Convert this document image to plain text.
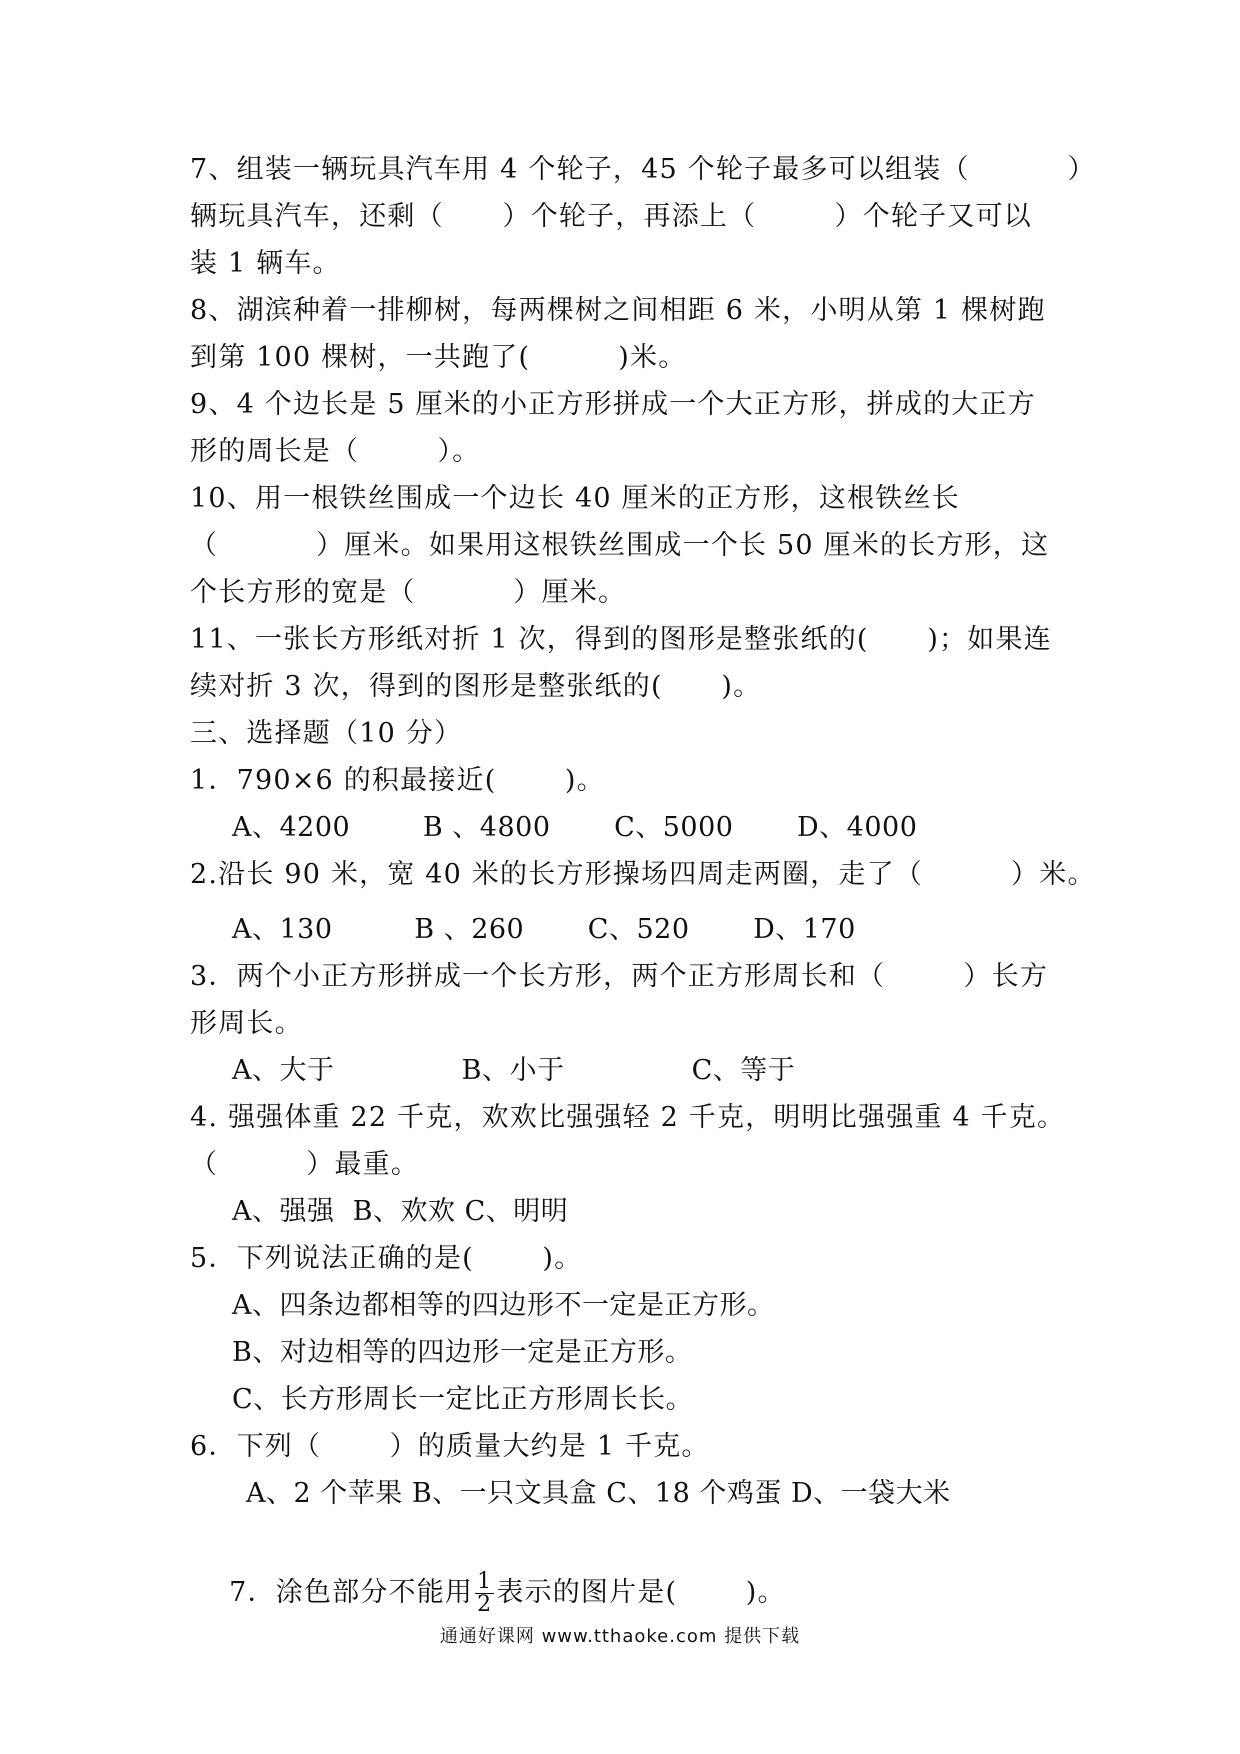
7、组装一辆玩具汽车用 4 个轮子，45 个轮子最多可以组装（          ）
辆玩具汽车，还剩（      ）个轮子，再添上（        ）个轮子又可以
装 1 辆车。
8、湖滨种着一排柳树，每两棵树之间相距 6 米，小明从第 1 棵树跑
到第 100 棵树，一共跑了(         )米。
9、4 个边长是 5 厘米的小正方形拼成一个大正方形，拼成的大正方
形的周长是（        ）。
10、用一根铁丝围成一个边长 40 厘米的正方形，这根铁丝长
（          ）厘米。如果用这根铁丝围成一个长 50 厘米的长方形，这
个长方形的宽是（          ）厘米。
11、一张长方形纸对折 1 次，得到的图形是整张纸的(      )；如果连
续对折 3 次，得到的图形是整张纸的(      )。
三、选择题（10 分）
1．790×6 的积最接近(       )。
A、4200        B 、4800       C、5000       D、4000
2.沿长 90 米，宽 40 米的长方形操场四周走两圈，走了（         ）米。
A、130         B 、260       C、520       D、170
3．两个小正方形拼成一个长方形，两个正方形周长和（        ）长方
形周长。
A、大于              B、小于              C、等于
4. 强强体重 22 千克，欢欢比强强轻 2 千克，明明比强强重 4 千克。
（         ）最重。
A、强强  B、欢欢 C、明明
5．下列说法正确的是(       )。
A、四条边都相等的四边形不一定是正方形。
B、对边相等的四边形一定是正方形。
C、长方形周长一定比正方形周长长。
6．下列（       ）的质量大约是 1 千克。
A、2 个苹果 B、一只文具盒 C、18 个鸡蛋 D、一袋大米

7．涂色部分不能用 $\frac{1}{2}$ 表示的图片是(       )。

通通好课网 www.tthaoke.com 提供下载
